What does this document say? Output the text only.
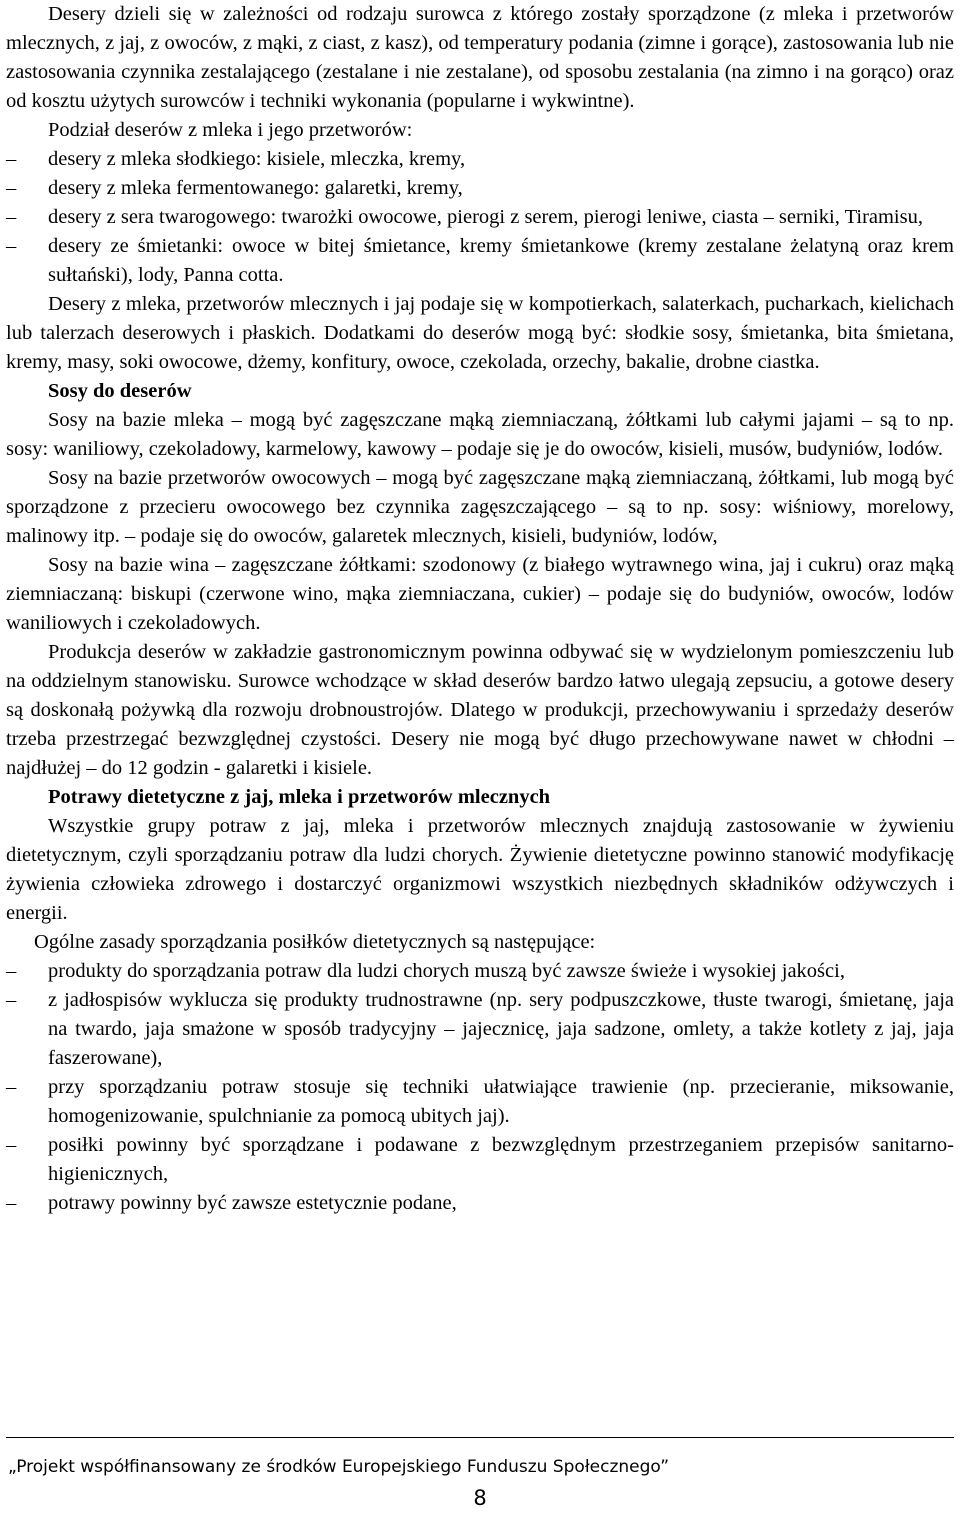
Desery dzieli się w zależności od rodzaju surowca z którego zostały sporządzone (z mleka i przetworów mlecznych, z jaj, z owoców, z mąki, z ciast, z kasz), od temperatury podania (zimne i gorące), zastosowania lub nie zastosowania czynnika zestalającego (zestalane i nie zestalane), od sposobu zestalania (na zimno i na gorąco) oraz od kosztu użytych surowców i techniki wykonania (popularne i wykwintne).

Podział deserów z mleka i jego przetworów:

–	desery z mleka słodkiego: kisiele, mleczka, kremy,
–	desery z mleka fermentowanego: galaretki, kremy,
–	desery z sera twarogowego: twarożki owocowe, pierogi z serem, pierogi leniwe, ciasta – serniki, Tiramisu,
–	desery ze śmietanki: owoce w bitej śmietance, kremy śmietankowe (kremy zestalane żelatyną oraz krem sułtański), lody, Panna cotta.

Desery z mleka, przetworów mlecznych i jaj podaje się w kompotierkach, salaterkach, pucharkach, kielichach lub talerzach deserowych i płaskich. Dodatkami do deserów mogą być: słodkie sosy, śmietanka, bita śmietana, kremy, masy, soki owocowe, dżemy, konfitury, owoce, czekolada, orzechy, bakalie, drobne ciastka.

Sosy do deserów

Sosy na bazie mleka – mogą być zagęszczane mąką ziemniaczaną, żółtkami lub całymi jajami – są to np. sosy: waniliowy, czekoladowy, karmelowy, kawowy – podaje się je do owoców, kisieli, musów, budyniów, lodów.

Sosy na bazie przetworów owocowych – mogą być zagęszczane mąką ziemniaczaną, żółtkami, lub mogą być sporządzone z przecieru owocowego bez czynnika zagęszczającego – są to np. sosy: wiśniowy, morelowy, malinowy itp. – podaje się do owoców, galaretek mlecznych, kisieli, budyniów, lodów,

Sosy na bazie wina – zagęszczane żółtkami: szodonowy (z białego wytrawnego wina, jaj i cukru) oraz mąką ziemniaczaną: biskupi (czerwone wino, mąka ziemniaczana, cukier) – podaje się do budyniów, owoców, lodów waniliowych i czekoladowych.

Produkcja deserów w zakładzie gastronomicznym powinna odbywać się w wydzielonym pomieszczeniu lub na oddzielnym stanowisku. Surowce wchodzące w skład deserów bardzo łatwo ulegają zepsuciu, a gotowe desery są doskonałą pożywką dla rozwoju drobnoustrojów. Dlatego w produkcji, przechowywaniu i sprzedaży deserów trzeba przestrzegać bezwzględnej czystości. Desery nie mogą być długo przechowywane nawet w chłodni – najdłużej – do 12 godzin - galaretki i kisiele.

Potrawy dietetyczne z jaj, mleka i przetworów mlecznych

Wszystkie grupy potraw z jaj, mleka i przetworów mlecznych znajdują zastosowanie w żywieniu dietetycznym, czyli sporządzaniu potraw dla ludzi chorych. Żywienie dietetyczne powinno stanowić modyfikację żywienia człowieka zdrowego i dostarczyć organizmowi wszystkich niezbędnych składników odżywczych i energii.

Ogólne zasady sporządzania posiłków dietetycznych są następujące:

–	produkty do sporządzania potraw dla ludzi chorych muszą być zawsze świeże i wysokiej jakości,
–	z jadłospisów wyklucza się produkty trudnostrawne (np. sery podpuszczkowe, tłuste twarogi, śmietanę, jaja na twardo, jaja smażone w sposób tradycyjny – jajecznicę, jaja sadzone, omlety, a także kotlety z jaj, jaja faszerowane),
–	przy sporządzaniu potraw stosuje się techniki ułatwiające trawienie (np. przecieranie, miksowanie, homogenizowanie, spulchnianie za pomocą ubitych jaj).
–	posiłki powinny być sporządzane i podawane z bezwzględnym przestrzeganiem przepisów sanitarno-higienicznych,
–	potrawy powinny być zawsze estetycznie podane,
„Projekt współfinansowany ze środków Europejskiego Funduszu Społecznego”
8
